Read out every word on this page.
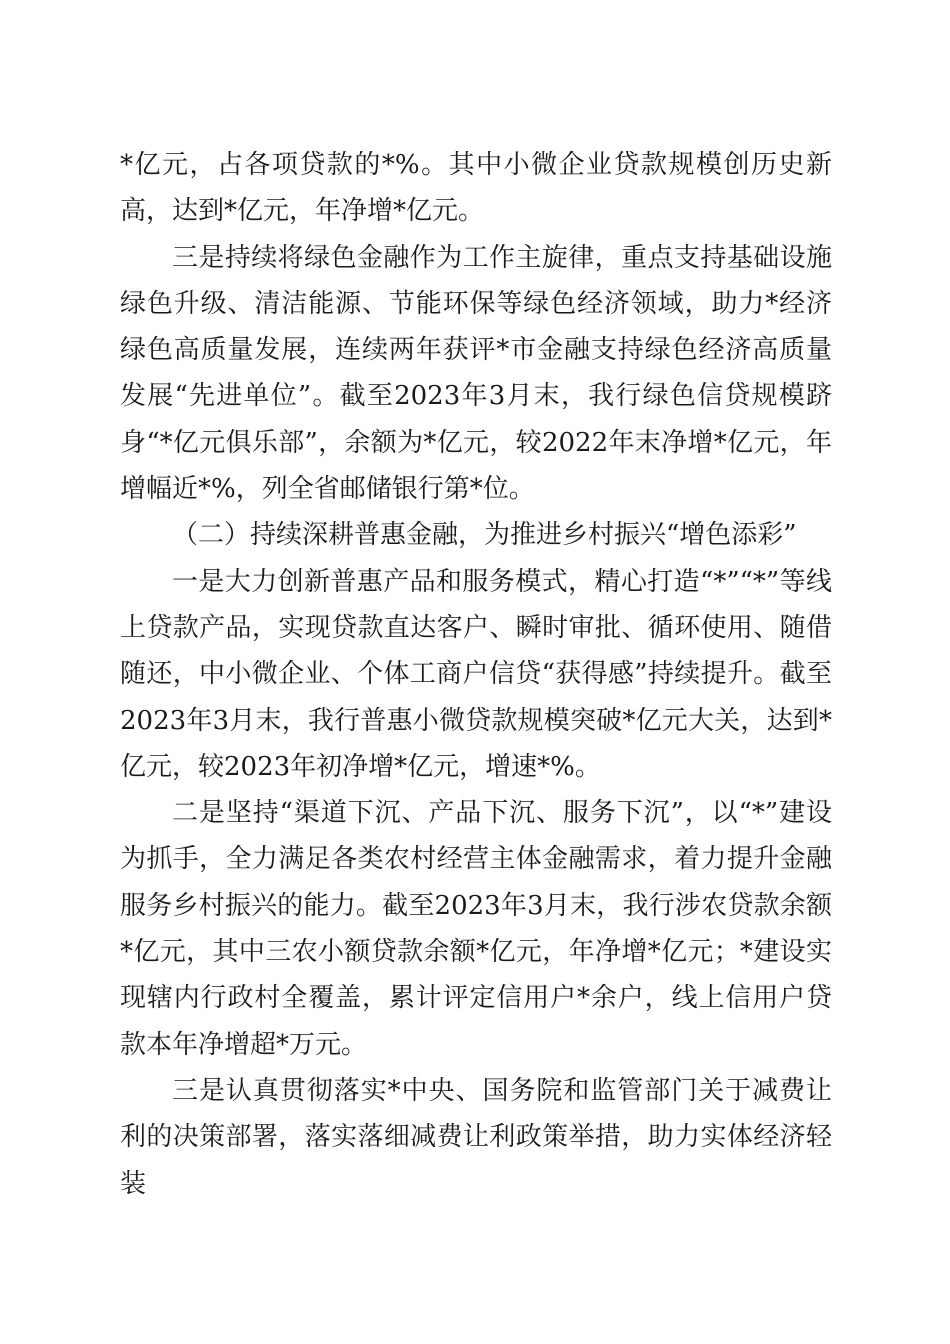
*亿元，占各项贷款的*%。其中小微企业贷款规模创历史新高，达到*亿元，年净增*亿元。

三是持续将绿色金融作为工作主旋律，重点支持基础设施绿色升级、清洁能源、节能环保等绿色经济领域，助力*经济绿色高质量发展，连续两年获评*市金融支持绿色经济高质量发展“先进单位”。截至2023年3月末，我行绿色信贷规模跻身“*亿元俱乐部”，余额为*亿元，较2022年末净增*亿元，年增幅近*%，列全省邮储银行第*位。

（二）持续深耕普惠金融，为推进乡村振兴“增色添彩”

一是大力创新普惠产品和服务模式，精心打造“*”“*”等线上贷款产品，实现贷款直达客户、瞬时审批、循环使用、随借随还，中小微企业、个体工商户信贷“获得感”持续提升。截至2023年3月末，我行普惠小微贷款规模突破*亿元大关，达到*亿元，较2023年初净增*亿元，增速*%。

二是坚持“渠道下沉、产品下沉、服务下沉”，以“*”建设为抓手，全力满足各类农村经营主体金融需求，着力提升金融服务乡村振兴的能力。截至2023年3月末，我行涉农贷款余额*亿元，其中三农小额贷款余额*亿元，年净增*亿元；*建设实现辖内行政村全覆盖，累计评定信用户*余户，线上信用户贷款本年净增超*万元。

三是认真贯彻落实*中央、国务院和监管部门关于减费让利的决策部署，落实落细减费让利政策举措，助力实体经济轻装
